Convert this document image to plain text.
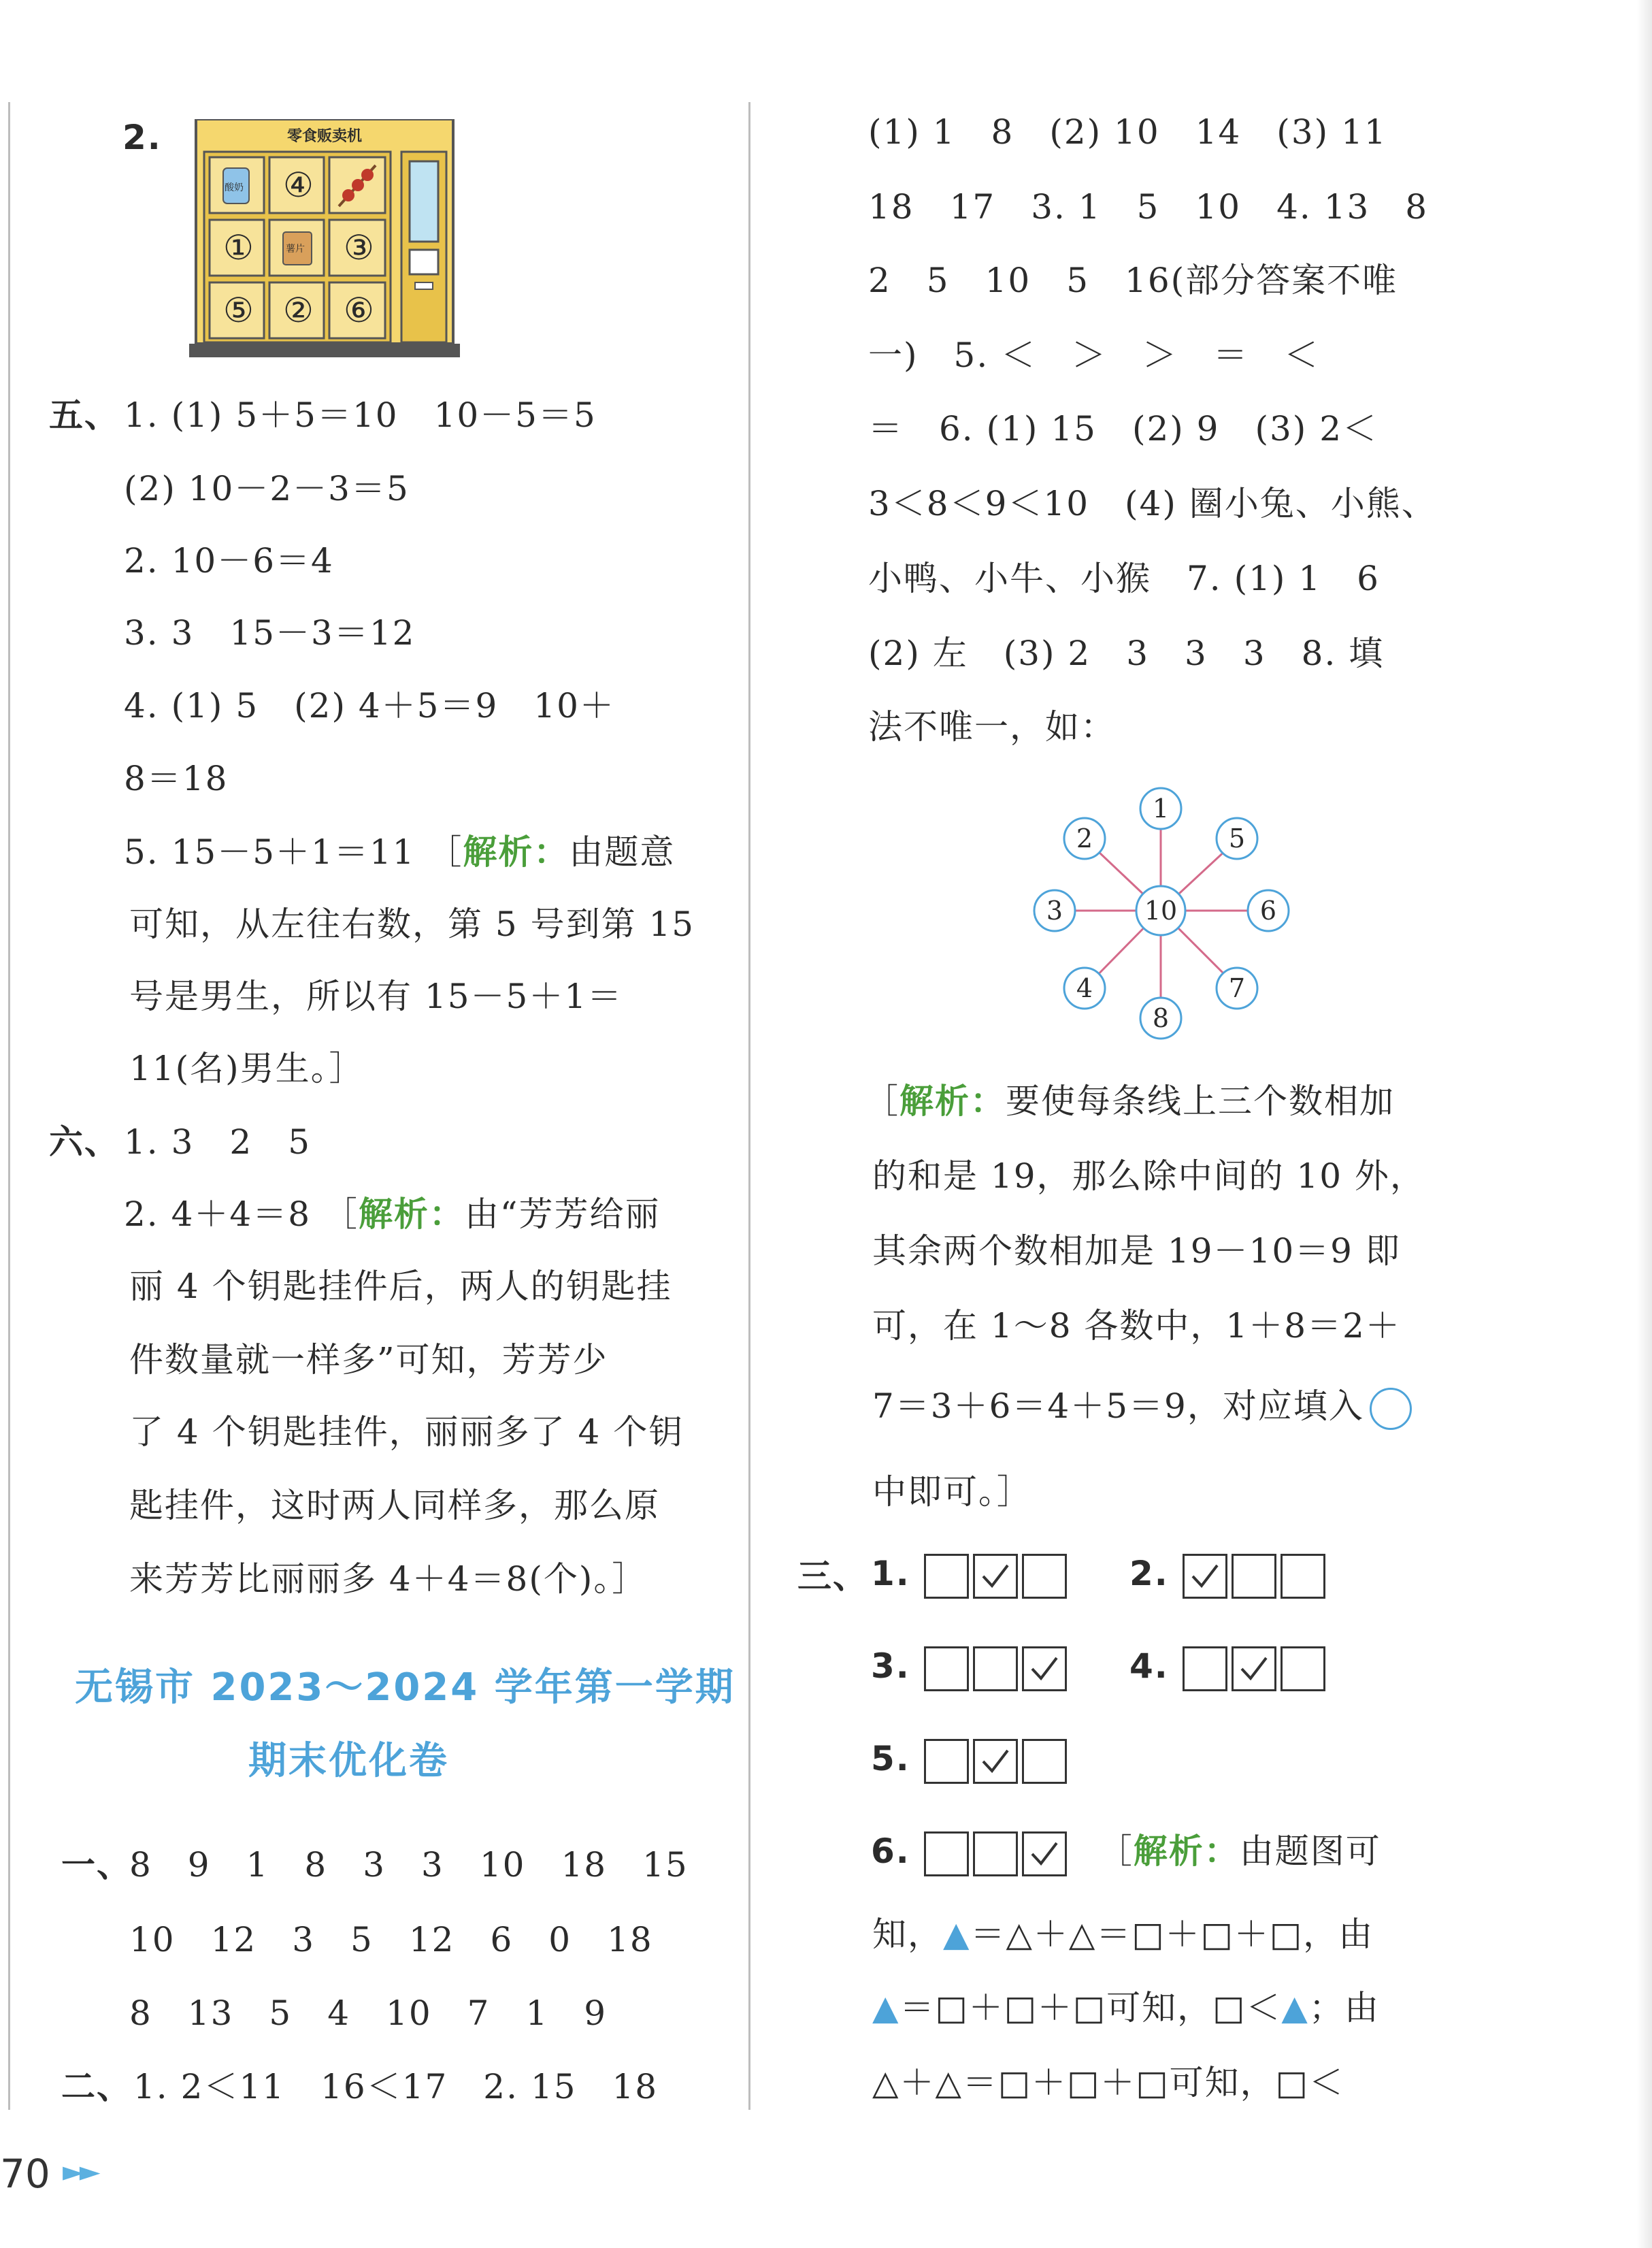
2.	零食贩卖机
酸奶
薯片
④
①	③
⑤ ② ⑥
五、 1. (1) 5＋5＝10　10－5＝5
(2) 10－2－3＝5
2. 10－6＝4
3. 3　15－3＝12
4. (1) 5　(2) 4＋5＝9　10＋
8＝18
5. 15－5＋1＝11 ［解析：由题意
可知，从左往右数，第 5 号到第 15
号是男生，所以有 15－5＋1＝
11(名)男生。］
六、 1. 3　2　5
2. 4＋4＝8 ［解析：由“芳芳给丽
丽 4 个钥匙挂件后，两人的钥匙挂
件数量就一样多”可知，芳芳少
了 4 个钥匙挂件，丽丽多了 4 个钥
匙挂件，这时两人同样多，那么原
来芳芳比丽丽多 4＋4＝8(个)。］
无锡市 2023～2024 学年第一学期
期末优化卷
一、
8　9　1　8　3　3　10　18　15
10　12　3　5　12　6　0　18
8　13　5　4　10　7　1　9
二、 1. 2＜11　16＜17　2. 15　18
(1) 1　8　(2) 10　14　(3) 11
18　17　3. 1　5　10　4. 13　8
2　5　10　5　16(部分答案不唯
一)　5. ＜　＞　＞　＝　＜
＝　6. (1) 15　(2) 9　(3) 2＜
3＜8＜9＜10　(4) 圈小兔、小熊、
小鸭、小牛、小猴　7. (1) 1　6
(2) 左　(3) 2　3　3　3　8. 填
法不唯一，如：
10
1
5
6
7
8
4
3
2
［解析：要使每条线上三个数相加
的和是 19，那么除中间的 10 外，
其余两个数相加是 19－10＝9 即
可，在 1～8 各数中，1＋8＝2＋
7＝3＋6＝4＋5＝9，对应填入
中即可。］
三、 1.	2.
3.	4.
5.
6.	［解析：由题图可
知，▲＝△＋△＝□＋□＋□，由
▲＝□＋□＋□可知，□＜▲；由
△＋△＝□＋□＋□可知，□＜
70 ►►
